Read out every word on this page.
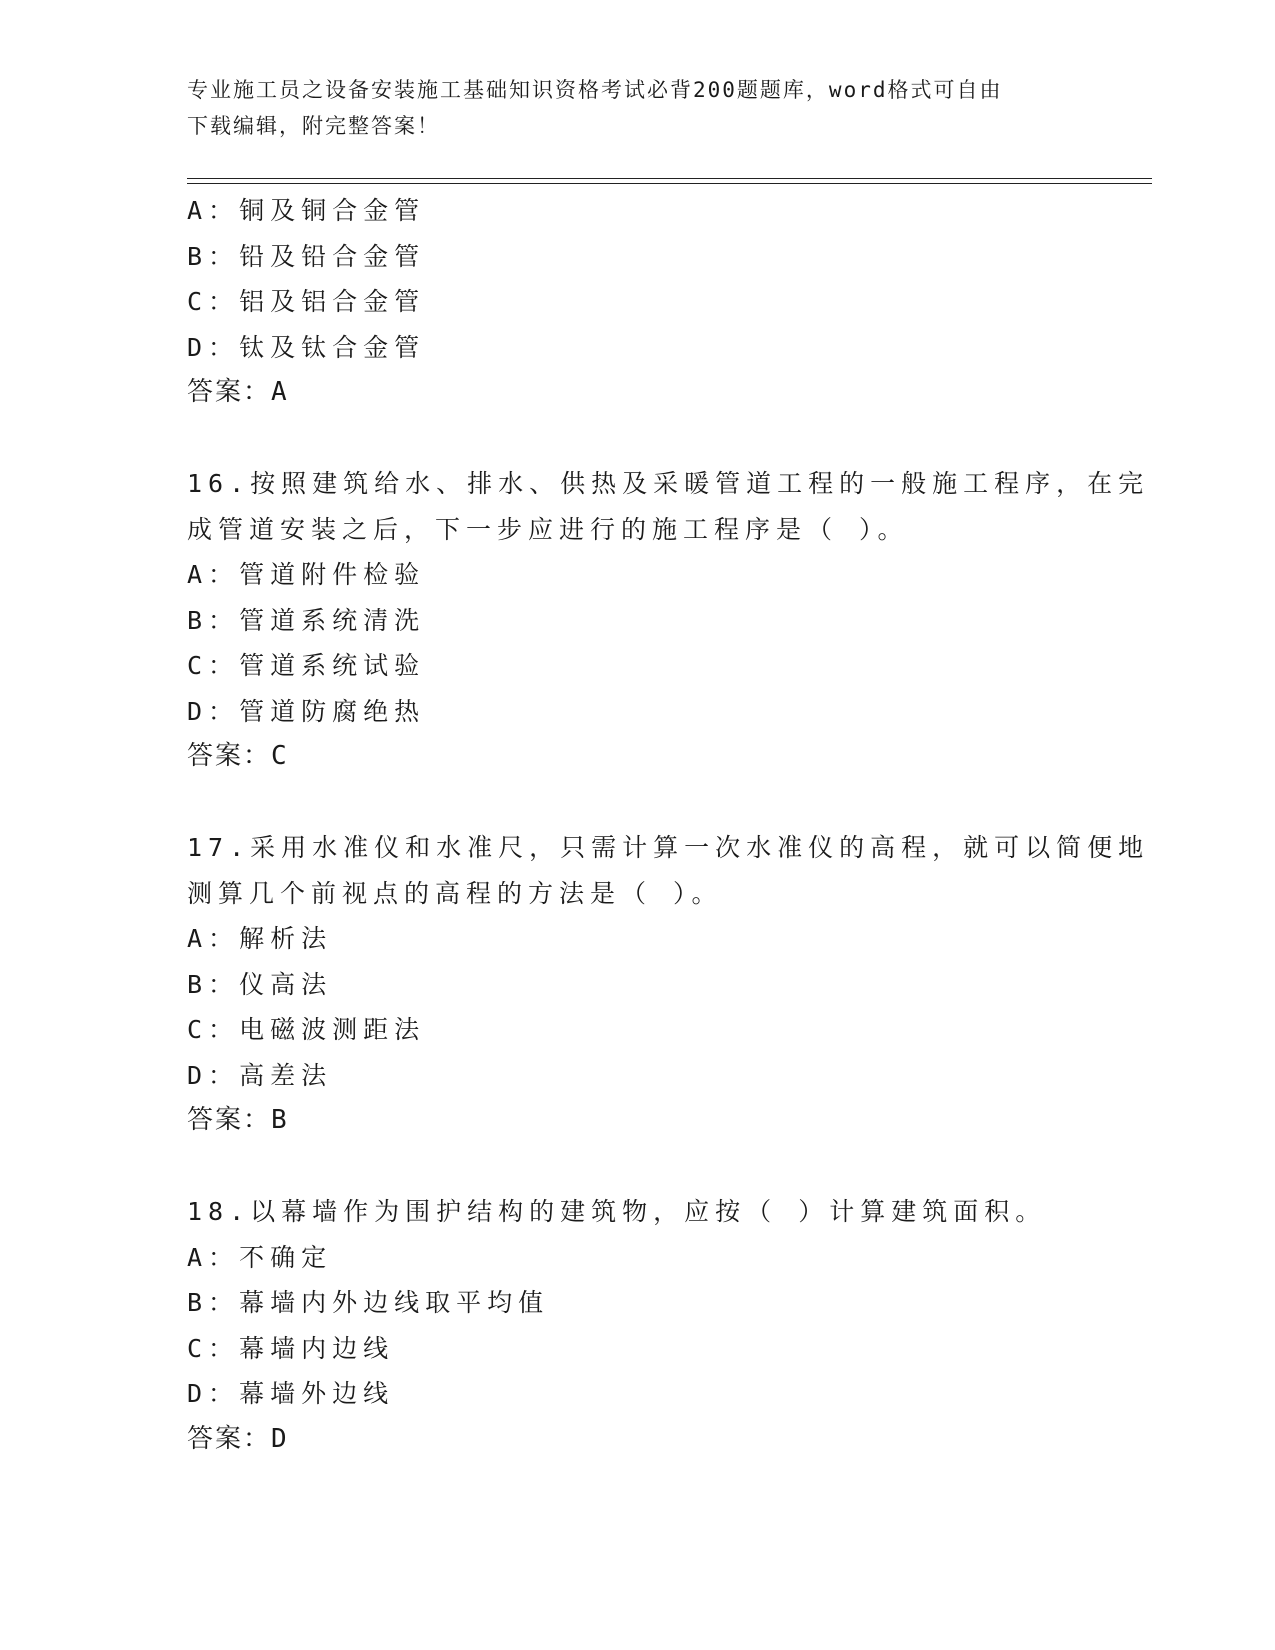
专业施工员之设备安装施工基础知识资格考试必背200题题库，word格式可自由
下载编辑，附完整答案！
A：铜及铜合金管
B：铅及铅合金管
C：铝及铝合金管
D：钛及钛合金管
答案：A
16.按照建筑给水、排水、供热及采暖管道工程的一般施工程序，在完
成管道安装之后，下一步应进行的施工程序是（ ）。
A：管道附件检验
B：管道系统清洗
C：管道系统试验
D：管道防腐绝热
答案：C
17.采用水准仪和水准尺，只需计算一次水准仪的高程，就可以简便地
测算几个前视点的高程的方法是（ ）。
A：解析法
B：仪高法
C：电磁波测距法
D：高差法
答案：B
18.以幕墙作为围护结构的建筑物，应按（ ）计算建筑面积。
A：不确定
B：幕墙内外边线取平均值
C：幕墙内边线
D：幕墙外边线
答案：D
